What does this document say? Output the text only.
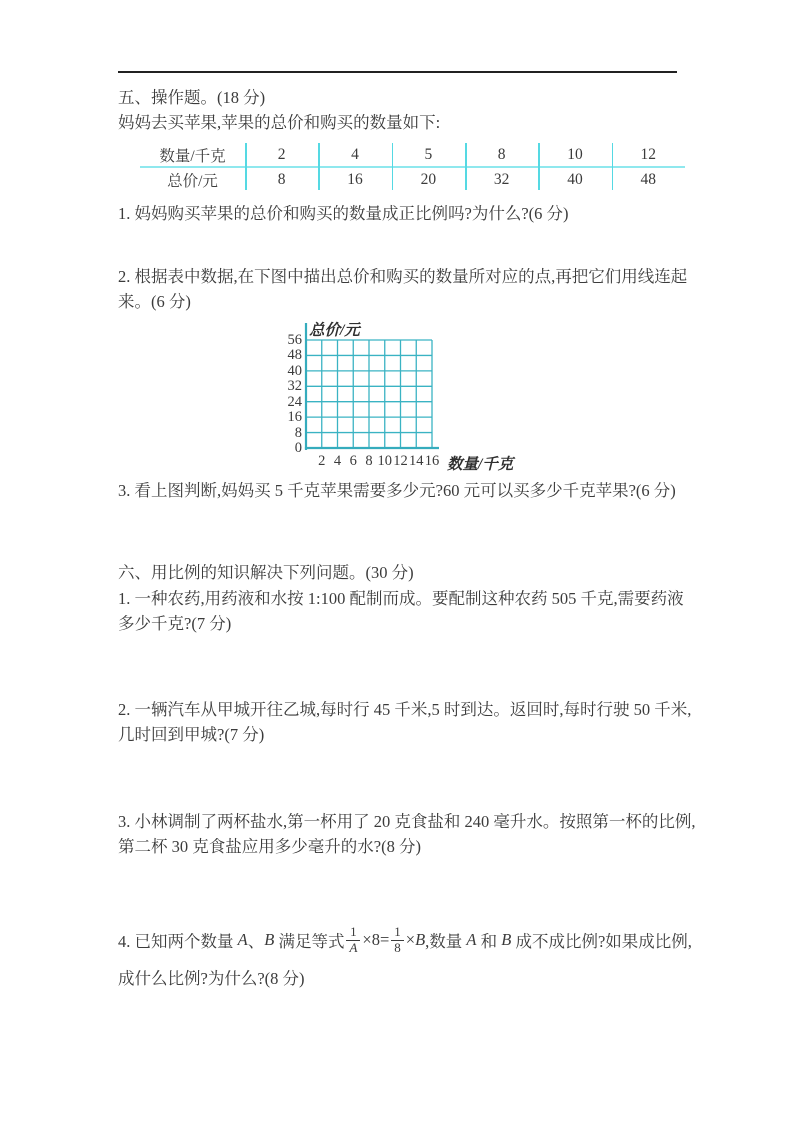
五、操作题。(18 分)
妈妈去买苹果,苹果的总价和购买的数量如下:
数量/千克	2	4	5	8	10	12
总价/元	8	16	20	32	40	48
1. 妈妈购买苹果的总价和购买的数量成正比例吗?为什么?(6 分)
2. 根据表中数据,在下图中描出总价和购买的数量所对应的点,再把它们用线连起
来。(6 分)
总价/元
数量/千克
56
48
40
32
24
16
8
0
2 4 6 8 10 12 14 16
3. 看上图判断,妈妈买 5 千克苹果需要多少元?60 元可以买多少千克苹果?(6 分)
六、用比例的知识解决下列问题。(30 分)
1. 一种农药,用药液和水按 1:100 配制而成。要配制这种农药 505 千克,需要药液
多少千克?(7 分)
2. 一辆汽车从甲城开往乙城,每时行 45 千米,5 时到达。返回时,每时行驶 50 千米,
几时回到甲城?(7 分)
3. 小林调制了两杯盐水,第一杯用了 20 克食盐和 240 毫升水。按照第一杯的比例,
第二杯 30 克食盐应用多少毫升的水?(8 分)
4. 已知两个数量 A 、 B 满足等式 $\frac{1}{A} \times 8= \frac{1}{8} \times B$ ,数量 A 和 B 成不成比例?如果成比例,
成什么比例?为什么?(8 分)
